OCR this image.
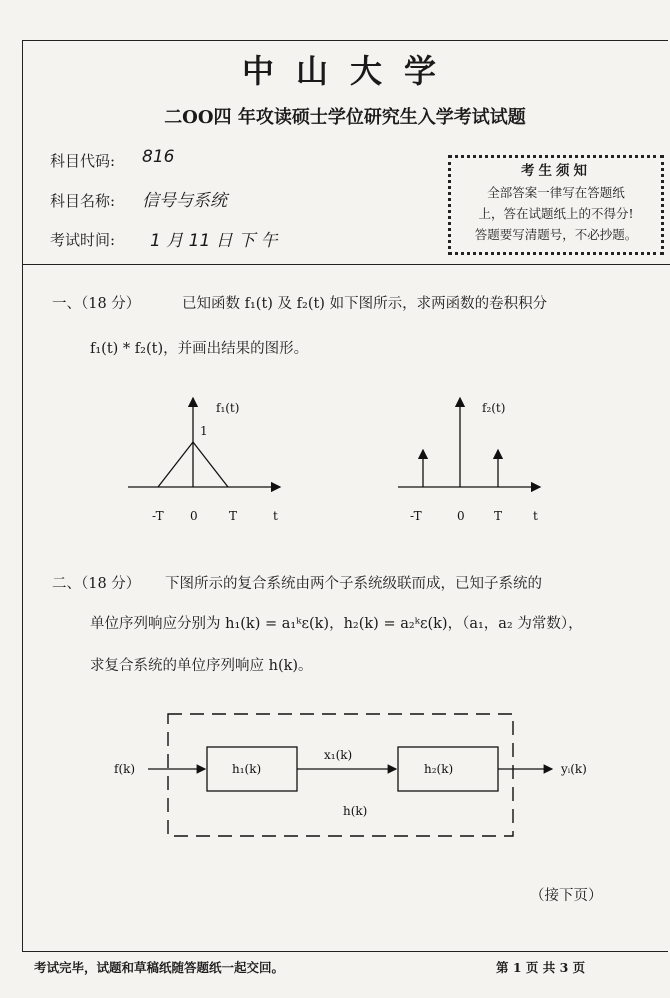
中山大学
二OO四 年攻读硕士学位研究生入学考试试题
科目代码: 816
科目名称: 信号与系统
考试时间: 1 月 11 日 下 午
考生须知
全部答案一律写在答题纸
上，答在试题纸上的不得分!
答题要写清题号，不必抄题。
一、（18 分）	已知函数 f₁(t) 及 f₂(t) 如下图所示，求两函数的卷积积分
f₁(t) * f₂(t)，并画出结果的图形。
f₁(t)
1
-T 0	T	t
f₂(t)
-T	0 T	t
二、（18 分） 下图所示的复合系统由两个子系统级联而成，已知子系统的
单位序列响应分别为 h₁(k) = a₁ᵏε(k)，h₂(k) = a₂ᵏε(k)，（a₁，a₂ 为常数），
求复合系统的单位序列响应 h(k)。
f(k)	h₁(k)
x₁(k)
h₂(k)	yᵢ(k)
h(k)
（接下页）
考试完毕，试题和草稿纸随答题纸一起交回。	第 1 页 共 3 页
